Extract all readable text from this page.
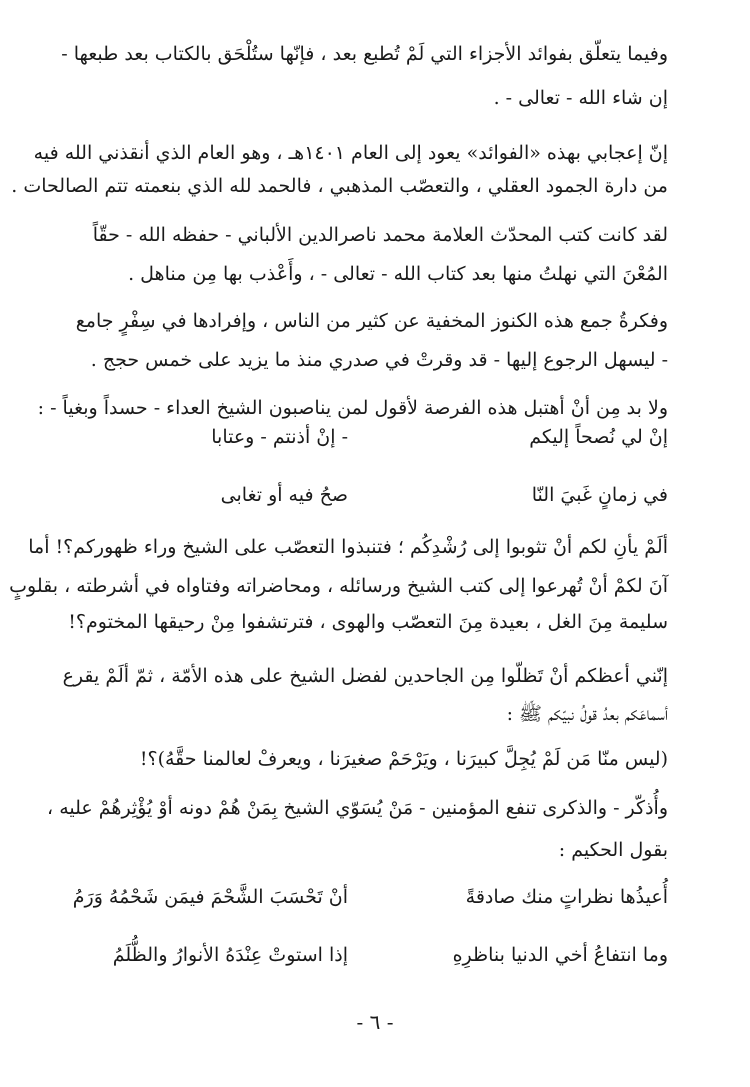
وفيما يتعلّق بفوائد الأجزاء التي لَمْ تُطبع بعد ، فإنّها ستُلْحَق بالكتاب بعد طبعها -
إن شاء الله - تعالى - .
إنّ إعجابي بهذه «الفوائد» يعود إلى العام ١٤٠١هـ ، وهو العام الذي أنقذني الله فيه
من دارة الجمود العقلي ، والتعصّب المذهبي ، فالحمد لله الذي بنعمته تتم الصالحات .
لقد كانت كتب المحدّث العلامة محمد ناصرالدين الألباني - حفظه الله - حقّاً
المُعْنَ التي نهلتُ منها بعد كتاب الله - تعالى - ، وأَعْذب بها مِن مناهل .
وفكرةُ جمع هذه الكنوز المخفية عن كثير من الناس ، وإفرادها في سِفْرٍ جامع
- ليسهل الرجوع إليها - قد وقرتْ في صدري منذ ما يزيد على خمس حجج .
ولا بد مِن أنْ أهتبل هذه الفرصة لأقول لمن يناصبون الشيخ العداء - حسداً وبغياً - :
إنْ لي نُصحاً إليكم
- إنْ أذنتم - وعتابا
في زمانٍ غَبيَ النّا
صحُ فيه أو تغابى
ألَمْ يأنِ لكم أنْ تثوبوا إلى رُشْدِكُم ؛ فتنبذوا التعصّب على الشيخ وراء ظهوركم؟! أما
آنَ لكمْ أنْ تُهرعوا إلى كتب الشيخ ورسائله ، ومحاضراته وفتاواه في أشرطته ، بقلوبٍ
سليمة مِنَ الغل ، بعيدة مِنَ التعصّب والهوى ، فترتشفوا مِنْ رحيقها المختوم؟!
إنّني أعظكم أنْ تَظلّوا مِن الجاحدين لفضل الشيخ على هذه الأمّة ، ثمّ ألَمْ يقرع
أسماعَكم بعدُ قولُ نبيّكم ﷺ :
(ليس منّا مَن لَمْ يُجِلَّ كبيرَنا ، ويَرْحَمْ صغيرَنا ، ويعرفْ لعالمنا حقَّهُ)؟!
وأُذكّر - والذكرى تنفع المؤمنين - مَنْ يُسَوّي الشيخ بِمَنْ هُمْ دونه أوْ يُؤْثِرهُمْ عليه ،
بقول الحكيم :
أُعيذُها نظراتٍ منك صادقةً
أنْ تَحْسَبَ الشَّحْمَ فيمَن شَحْمُهُ وَرَمُ
وما انتفاعُ أخي الدنيا بناظرِهِ
إذا استوتْ عِنْدَهُ الأنوارُ والظُّلَمُ
- ٦ -
